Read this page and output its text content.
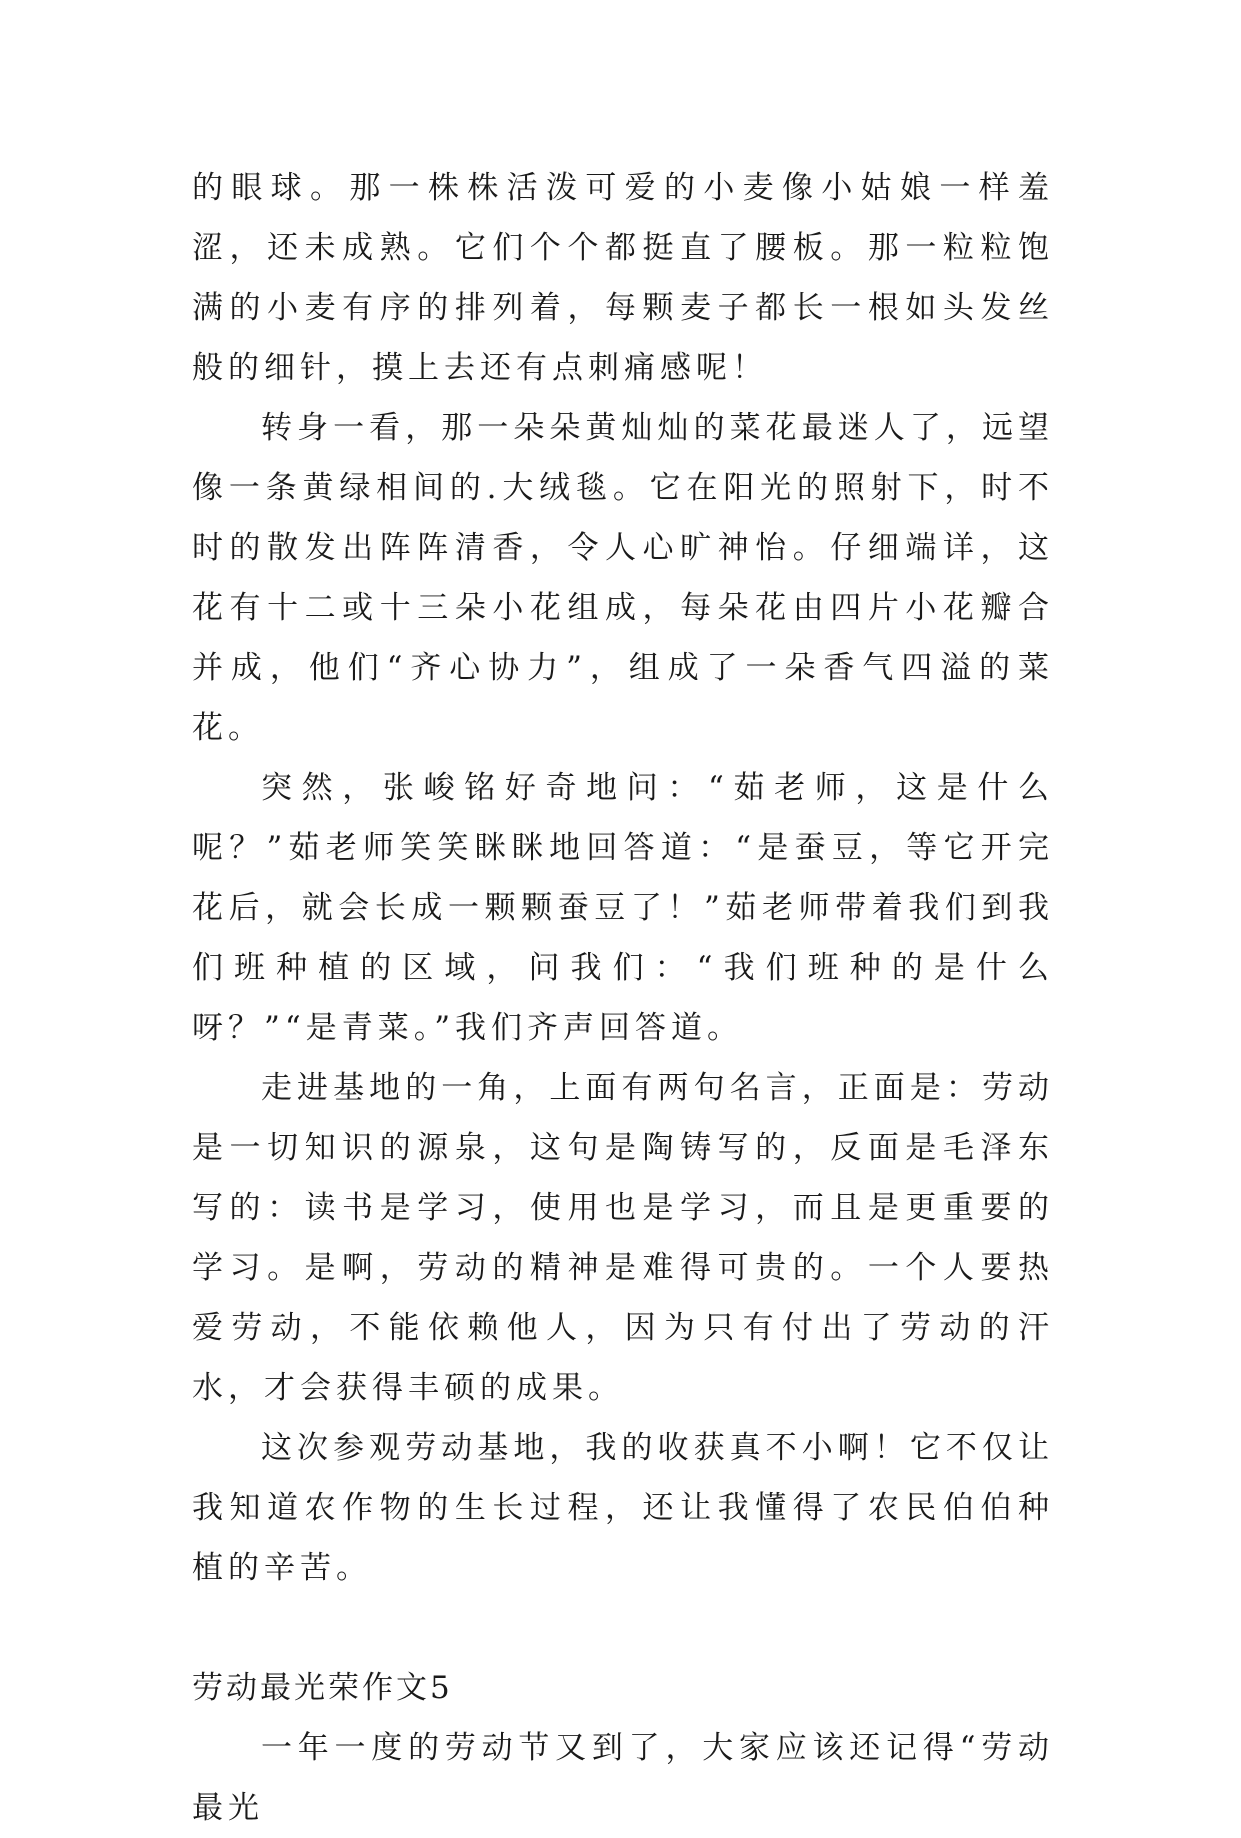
的眼球。那一株株活泼可爱的小麦像小姑娘一样羞涩，还未成熟。它们个个都挺直了腰板。那一粒粒饱满的小麦有序的排列着，每颗麦子都长一根如头发丝般的细针，摸上去还有点刺痛感呢！

转身一看，那一朵朵黄灿灿的菜花最迷人了，远望像一条黄绿相间的.大绒毯。它在阳光的照射下，时不时的散发出阵阵清香，令人心旷神怡。仔细端详，这花有十二或十三朵小花组成，每朵花由四片小花瓣合并成，他们“齐心协力”，组成了一朵香气四溢的菜花。

突然，张峻铭好奇地问：“茹老师，这是什么呢？”茹老师笑笑眯眯地回答道：“是蚕豆，等它开完花后，就会长成一颗颗蚕豆了！”茹老师带着我们到我们班种植的区域，问我们：“我们班种的是什么呀？”“是青菜。”我们齐声回答道。

走进基地的一角，上面有两句名言，正面是：劳动是一切知识的源泉，这句是陶铸写的，反面是毛泽东写的：读书是学习，使用也是学习，而且是更重要的学习。是啊，劳动的精神是难得可贵的。一个人要热爱劳动，不能依赖他人，因为只有付出了劳动的汗水，才会获得丰硕的成果。

这次参观劳动基地，我的收获真不小啊！它不仅让我知道农作物的生长过程，还让我懂得了农民伯伯种植的辛苦。

劳动最光荣作文5

一年一度的劳动节又到了，大家应该还记得“劳动最光
